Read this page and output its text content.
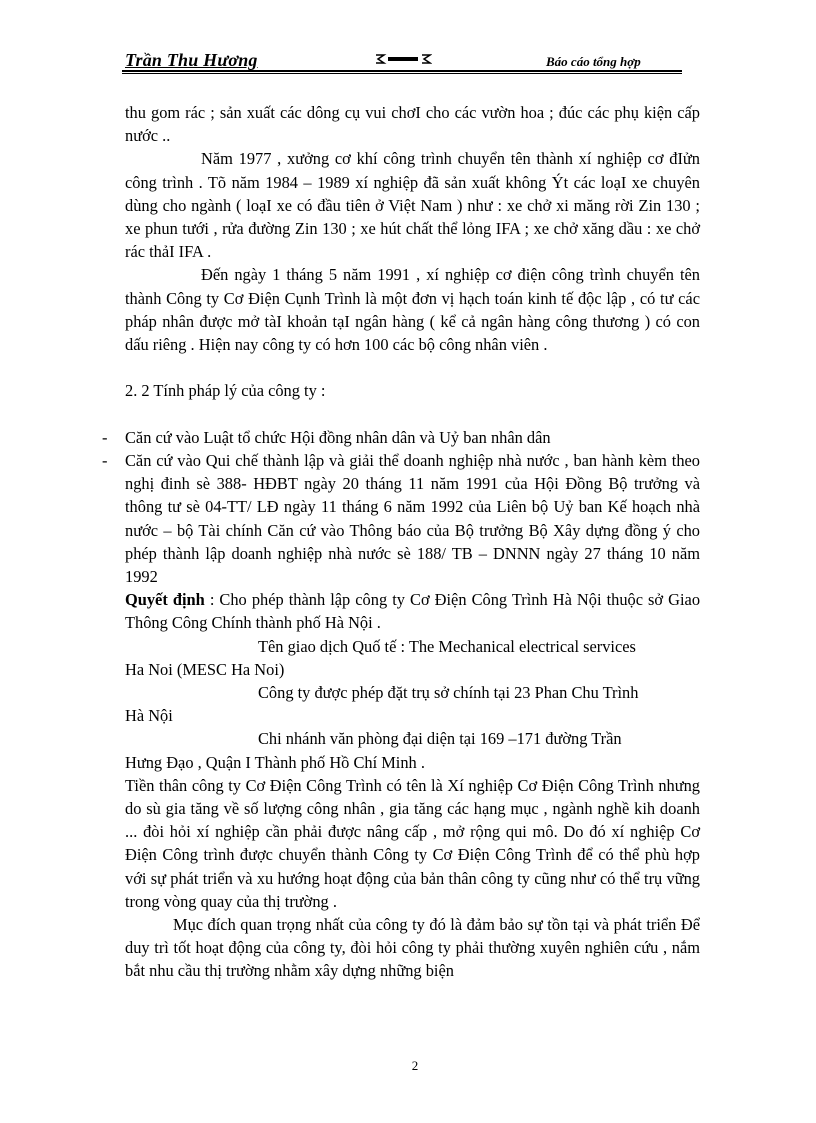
Trần Thu Hương	Báo cáo tổng hợp

thu gom rác ; sản xuất các dông cụ vui chơI cho các vườn hoa ; đúc các phụ kiện cấp nước ..

Năm 1977 , xưởng cơ khí công trình chuyển tên thành xí nghiệp cơ đIửn công trình . Tõ năm 1984 – 1989 xí nghiệp đã sản xuất không Ýt các loạI xe chuyên dùng cho ngành ( loạI xe có đầu tiên ở Việt Nam ) như : xe chở xi măng rời Zin 130 ; xe phun tưới , rửa đường Zin 130 ; xe hút chất thể lỏng IFA ; xe chở xăng dầu : xe chở rác thảI IFA .

Đến ngày 1 tháng 5 năm 1991 , xí nghiệp cơ điện công trình chuyển tên thành Công ty Cơ Điện Cụnh Trình là một đơn vị hạch toán kinh tế độc lập , có tư các pháp nhân được mở tàI khoản tạI ngân hàng ( kể cả ngân hàng công thương ) có con dấu riêng . Hiện nay công ty có hơn 100 các bộ công nhân viên .

2. 2 Tính pháp lý của công ty :

- Căn cứ vào Luật tổ chức Hội đồng nhân dân và Uỷ ban nhân dân
- Căn cứ vào Qui chế thành lập và giải thể doanh nghiệp nhà nước , ban hành kèm theo nghị đinh sè 388- HĐBT ngày 20 tháng 11 năm 1991 của Hội Đồng Bộ trưởng và thông tư sè 04-TT/ LĐ ngày 11 tháng 6 năm 1992 của Liên bộ Uỷ ban Kế hoạch nhà nước – bộ Tài chính Căn cứ vào Thông báo của Bộ trưởng Bộ Xây dựng đồng ý cho phép thành lập doanh nghiệp nhà nước sè 188/ TB – DNNN ngày 27 tháng 10 năm 1992

Quyết định : Cho phép thành lập công ty Cơ Điện Công Trình Hà Nội thuộc sở Giao Thông Công Chính thành phố Hà Nội .

Tên giao dịch Quố tế : The Mechanical electrical services

Ha Noi (MESC Ha Noi)

Công ty được phép đặt trụ sở chính tại 23 Phan Chu Trình

Hà Nội

Chi nhánh văn phòng đại diện tại 169 –171 đường Trần

Hưng Đạo , Quận I Thành phố Hồ Chí Minh .

Tiền thân công ty Cơ Điện Công Trình có tên là Xí nghiệp Cơ Điện Công Trình nhưng do sù gia tăng về số lượng công nhân , gia tăng các hạng mục , ngành nghề kih doanh ... đòi hỏi xí nghiệp cần phải được nâng cấp , mở rộng qui mô. Do đó xí nghiệp Cơ Điện Công trình được chuyển thành Công ty Cơ Điện Công Trình để có thể phù hợp với sự phát triển và xu hướng hoạt động của bản thân công ty cũng như có thể trụ vững trong vòng quay của thị trường .

Mục đích quan trọng nhất của công ty đó là đảm bảo sự tồn tại và phát triển Để duy trì tốt hoạt động của công ty, đòi hỏi công ty phải thường xuyên nghiên cứu , nắm bắt nhu cầu thị trường nhằm xây dựng những biện

2
